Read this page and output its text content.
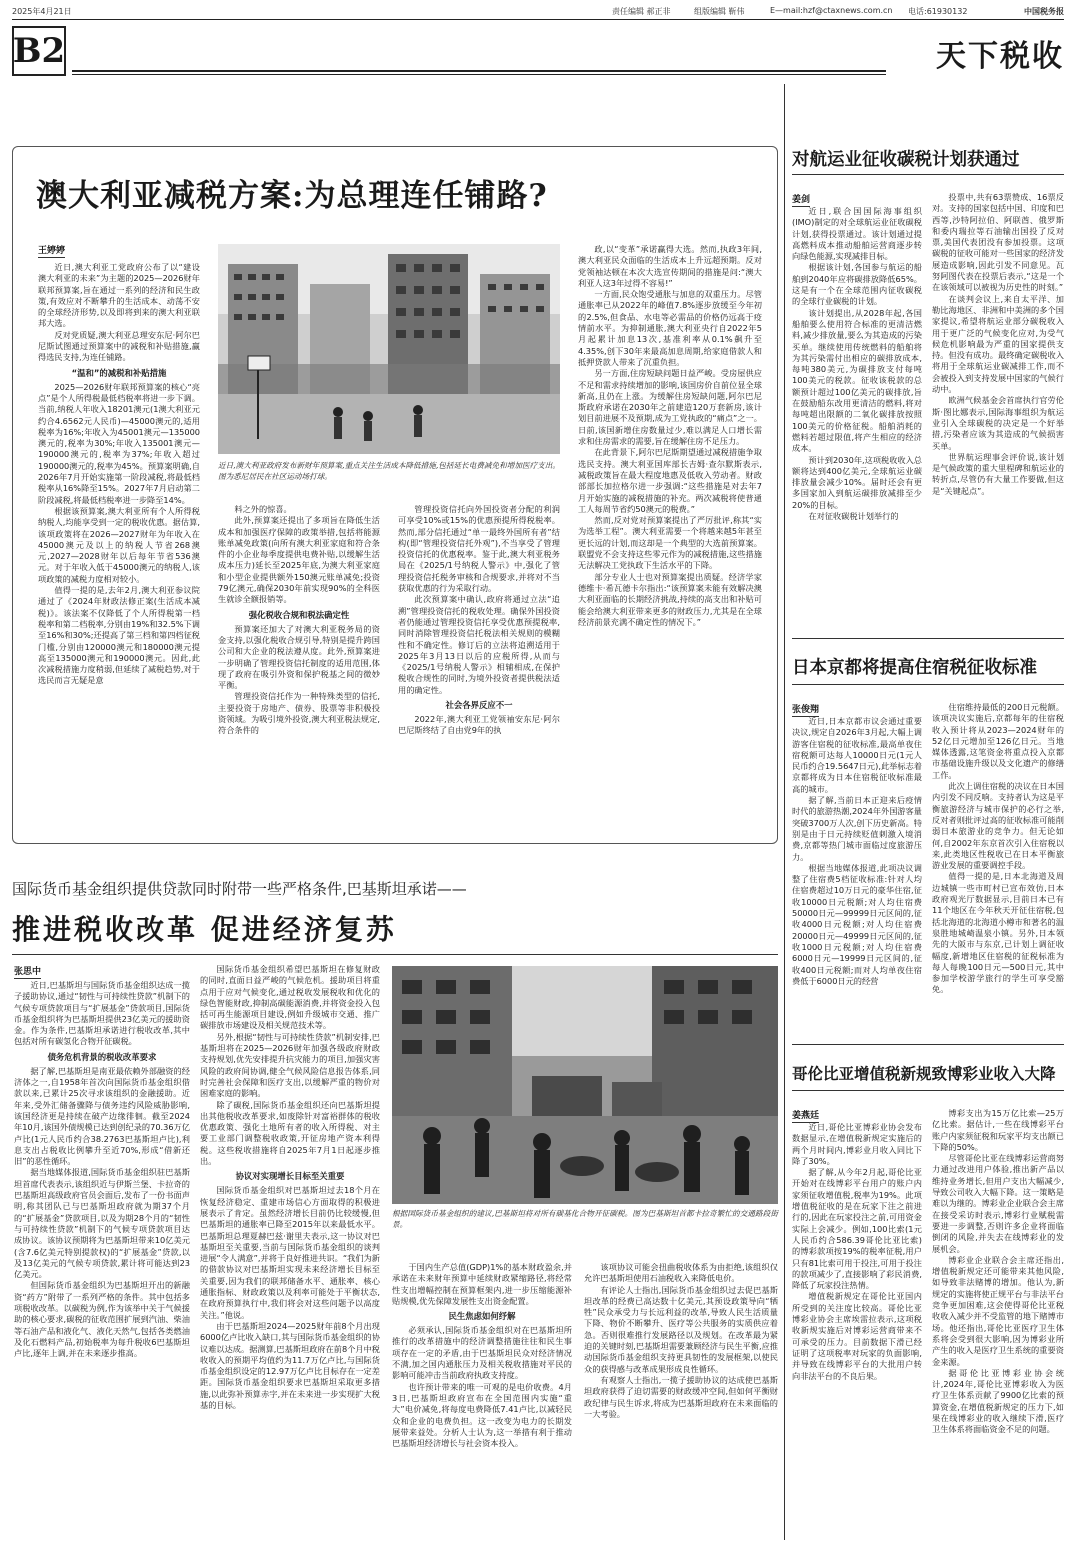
2025年4月21日	责任编辑 郝正非	组版编辑 靳伟	E—mail:hzf@ctaxnews.com.cn 电话:61930132	中国税务报
B2	天下税收
澳大利亚减税方案:为总理连任铺路?
王婷婷

近日,澳大利亚工党政府公布了以“建设澳大利亚的未来”为主题的2025—2026财年联邦预算案,旨在通过一系列的经济和民生政策,有效应对不断攀升的生活成本、动荡不安的全球经济形势,以及即将到来的澳大利亚联邦大选。

反对党质疑,澳大利亚总理安东尼·阿尔巴尼斯试图通过预算案中的减税和补贴措施,赢得选民支持,为连任铺路。

“温和”的减税和补贴措施

2025—2026财年联邦预算案的核心“亮点”是个人所得税最低档税率将进一步下调。当前,纳税人年收入18201澳元(1澳大利亚元约合4.6562元人民币)—45000澳元的,适用税率为16%;年收入为45001澳元—135000澳元的,税率为30%;年收入135001澳元—190000澳元的,税率为37%;年收入超过190000澳元的,税率为45%。预算案明确,自2026年7月开始实施第一阶段减税,将最低档税率从16%降至15%。2027年7月启动第二阶段减税,将最低档税率进一步降至14%。

根据该预算案,澳大利亚所有个人所得税纳税人,均能享受到一定的税收优惠。据估算,该项政策将在2026—2027财年为年收入在45000澳元及以上的纳税人节省268澳元,2027—2028财年以后每年节省536澳元。对于年收入低于45000澳元的纳税人,该项政策的减税力度相对较小。

值得一提的是,去年2月,澳大利亚参议院通过了《2024年财政法修正案(生活成本减税)》。该法案不仅降低了个人所得税第一档税率和第二档税率,分别由19%和32.5%下调至16%和30%;还提高了第三档和第四档征税门槛,分别由120000澳元和180000澳元提高至135000澳元和190000澳元。因此,此次减税措施力度稍弱,但延续了减税趋势,对于选民而言无疑是意

近日,澳大利亚政府发布新财年预算案,重点关注生活成本降低措施,包括延长电费减免和增加医疗支出。图为悉尼居民在社区运动场打球。

料之外的惊喜。

此外,预算案还提出了多项旨在降低生活成本和加强医疗保障的政策举措,包括将能源账单减免政策(向所有澳大利亚家庭和符合条件的小企业每季度提供电费补贴,以缓解生活成本压力)延长至2025年底,为澳大利亚家庭和小型企业提供额外150澳元账单减免;投资79亿澳元,确保2030年前实现90%的全科医生就诊全额报销等。

强化税收合规和税法确定性

预算案还加大了对澳大利亚税务局的资金支持,以强化税收合规引导,特别是提升跨国公司和大企业的税法遵从度。此外,预算案进一步明确了管理投资信托制度的适用范围,体现了政府在吸引外资和保护税基之间的微妙平衡。

管理投资信托作为一种特殊类型的信托,主要投资于房地产、债券、股票等非积极投资领域。为吸引境外投资,澳大利亚税法规定,符合条件的

管理投资信托向外国投资者分配的利润可享受10%或15%的优惠预提所得税税率。然而,部分信托通过“单一最终外国所有者”结构(即“管理投资信托外观”),不当享受了管理投资信托的优惠税率。鉴于此,澳大利亚税务局在《2025/1号纳税人警示》中,强化了管理投资信托税务审核和合规要求,并将对不当获取优惠的行为采取行动。

此次预算案中确认,政府将通过立法“追溯”管理投资信托的税收处理。确保外国投资者仍能通过管理投资信托享受优惠预提税率,同时消除管理投资信托税法相关规则的模糊性和不确定性。修订后的立法将追溯适用于2025年3月13日以后的应税所得,从而与《2025/1号纳税人警示》相辅相成,在保护税收合规性的同时,为境外投资者提供税法适用的确定性。

社会各界反应不一

2022年,澳大利亚工党领袖安东尼·阿尔巴尼斯终结了自由党9年的执

政,以“变革”承诺赢得大选。然而,执政3年间,澳大利亚民众面临的生活成本上升远超预期。反对党领袖达顿在本次大选宣传期间的措施是问:“澳大利亚人这3年过得不容易!”

一方面,民众饱受通胀与加息的双重压力。尽管通胀率已从2022年的峰值7.8%逐步放缓至今年初的2.5%,但食品、水电等必需品的价格仍远高于疫情前水平。为抑制通胀,澳大利亚央行自2022年5月起累计加息13次,基准利率从0.1%飙升至4.35%,创下30年来最高加息周期,给家庭借款人和抵押贷款人带来了沉重负担。

另一方面,住房短缺问题日益严峻。受房屋供应不足和需求持续增加的影响,该国房价自前位显全球新高,且仍在上涨。为缓解住房短缺问题,阿尔巴尼斯政府承诺在2030年之前建造120万套新房,该计划目前进展不及预期,成为工党执政的“痛点”之一。日前,该国新增住房数量过少,难以满足人口增长需求和住房需求的需要,旨在缓解住房不足压力。

在此背景下,阿尔巴尼斯期望通过减税措施争取选民支持。澳大利亚国库部长吉姆·查尔默斯表示,减税政策旨在最大程度地惠及低收入劳动者。财政部部长加拉格尔进一步强调:“这些措施是对去年7月开始实施的减税措施的补充。两次减税将使普通工人每周节省约50澳元的税费。”

然而,反对党对预算案提出了严厉批评,称其“实为选举工程”。澳大利亚需要一个将越来越5年甚至更长远的计划,而这却是一个典型的大选前预算案。联盟党不会支持这些零元作为的减税措施,这些措施无法解决工党执政下生活水平的下降。

部分专业人士也对预算案提出质疑。经济学家德维卡·希瓦德卡尔指出:“该预算案未能有效解决澳大利亚面临的长期经济挑战,持续的高支出和补贴可能会给澳大利亚带来更多的财政压力,尤其是在全球经济前景充满不确定性的情况下。”

对航运业征收碳税计划获通过
姜剑

近日,联合国国际海事组织(IMO)制定的对全球航运业征收碳税计划,获得投票通过。该计划通过提高燃料成本推动船舶运营商逐步转向绿色能源,实现减排目标。

根据该计划,各国参与航运的船舶到2040年应将碳排放降低65%。这是有一个在全球范围内征收碳税的全球行业碳税的计划。

该计划提出,从2028年起,各国船舶要么使用符合标准的更清洁燃料,减少排放量,要么为其造成的污染买单。继续使用传统燃料的船舶将为其污染需付出相应的碳排放成本,每吨380美元,为碳排放支付每吨100美元的税款。征收该税款的总额预计超过100亿美元的碳排放,旨在鼓励船东改用更清洁的燃料,将对每吨超出限额的二氧化碳排放按照100美元的价格征税。船舶消耗的燃料若超过限值,将产生相应的经济成本。

预计到2030年,这项税收收入总额将达到400亿美元,全球航运业碳排放量会减少10%。届时还会有更多国家加入到航运碳排放减排至少20%的目标。

在对征收碳税计划举行的

投票中,共有63票赞成、16票反对。支持的国家包括中国、印度和巴西等,沙特阿拉伯、阿联酋、俄罗斯和委内瑞拉等石油输出国投了反对票,美国代表团没有参加投票。这项碳税的征收可能对一些国家的经济发展造成影响,因此引发不同意见。瓦努阿图代表在投票后表示,“这是一个在该领域可以被视为历史性的时刻。”

在谈判会议上,来自太平洋、加勒比海地区、非洲和中美洲的多个国家提议,希望将航运业部分碳税收入用于更广泛的气候变化应对,为受气候危机影响最为严重的国家提供支持。但没有成功。最终确定碳税收入将用于全球航运业碳减排工作,而不会被投入到支持发展中国家的气候行动中。

欧洲气候基金会首席执行官劳伦斯·图比娜表示,国际海事组织为航运业引入全球碳税的决定是一个好举措,污染者应该为其造成的气候损害买单。

世界航运理事会评价说,该计划是气候政策的重大里程碑和航运业的转折点,尽管仍有大量工作要做,但这是“关键起点”。

日本京都将提高住宿税征收标准
张俊翔

近日,日本京都市议会通过重要决议,规定自2026年3月起,大幅上调游客住宿税的征收标准,最高单夜住宿税额可达每人10000日元(1元人民币约合19.5647日元),此举标志着京都将成为日本住宿税征收标准最高的城市。

据了解,当前日本正迎来后疫情时代的旅游热潮,2024年外国游客量突破3700万人次,创下历史新高。特别是由于日元持续贬值刺激入境消费,京都等热门城市面临过度旅游压力。

根据当地媒体报道,此项决议调整了住宿费5档征收标准:针对人均住宿费超过10万日元的豪华住宿,征收10000日元税额;对人均住宿费50000日元—99999日元区间的,征收4000日元税额;对人均住宿费20000日元—49999日元区间的,征收1000日元税额;对人均住宿费6000日元—19999日元区间的,征收400日元税额;而对人均单夜住宿费低于6000日元的经营

住宿维持最低的200日元税额。该项决议实施后,京都每年的住宿税收入预计将从2023—2024财年的52亿日元增加至126亿日元。当地媒体透露,这笔资金将重点投入京都市基础设施升级以及文化遗产的修缮工作。

此次上调住宿税的决议在日本国内引发不同反响。支持者认为这是平衡旅游经济与城市保护的必行之举,反对者则批评过高的征收标准可能削弱日本旅游业的竞争力。但无论如何,自2002年东京首次引入住宿税以来,此类地区性税收已在日本平衡旅游业发展的重要调控手段。

值得一提的是,日本北海道及周边城镇一些市町村已宣布效仿,日本政府观光厅数据显示,目前日本已有11个地区在今年秋天开征住宿税,包括北海道的北海道小樽市和著名的温泉胜地城崎温泉小镇。另外,日本领先的大阪市与东京,已计划上调征收幅度,新增地区住宿税的征税标准为每人每晚100日元—500日元,其中参加学校游学旅行的学生可享受豁免。

哥伦比亚增值税新规致博彩业收入大降
姜燕廷

近日,哥伦比亚博彩业协会发布数据显示,在增值税新规定实施后的两个月时间内,博彩业月收入同比下降了30%。

据了解,从今年2月起,哥伦比亚开始对在线博彩平台用户的账户内家须征收增值税,税率为19%。此项增值税征收的是在玩家下注之前进行的,因此在玩家投注之前,可用资金实际上会减少。例如,100比索(1元人民币约合586.39哥伦比亚比索)的博彩款项按19%的税率征税,用户只有81比索可用于投注,可用于投注的款项减少了,直接影响了彩民消费,降低了玩家投注热情。

增值税新规定在哥伦比亚国内所受到的关注度比较高。哥伦比亚博彩业协会主席埃雷拉表示,这项税收新规实施后对博彩运营商带来不可承受的压力。目前数据下滑已经证明了这项税率对玩家的负面影响,并导致在线博彩平台的大批用户转向非法平台的不良后果。

博彩支出为15万亿比索—25万亿比索。据估计,一些在线博彩平台账户内家须征税和玩家平均支出额已下降的50%。

尽管哥伦比亚在线博彩运营商努力通过改进用户体验,推出新产品以维持业务增长,但用户支出大幅减少,导致公司收入大幅下降。这一策略是难以为继的。博彩业企业联合会主席在接受采访时表示,博彩行业赋税需要进一步调整,否则许多企业将面临倒闭的风险,并失去在线博彩业的发展机会。

博彩业企业联合会主席还指出,增值税新规定还可能带来其他风险,如导致非法赌博的增加。他认为,新规定的实施将使正规平台与非法平台竞争更加困难,这会使得哥伦比亚税收收入减少并不受监管的地下赌博市场。他还指出,哥伦比亚医疗卫生体系将会受到很大影响,因为博彩业所产生的收入是医疗卫生系统的重要资金来源。

据哥伦比亚博彩业协会统计,2024年,哥伦比亚博彩收入为医疗卫生体系贡献了9900亿比索的预算资金,在增值税新规定的压力下,如果在线博彩业的收入继续下滑,医疗卫生体系将面临资金不足的问题。

国际货币基金组织提供贷款同时附带一些严格条件,巴基斯坦承诺——
推进税收改革 促进经济复苏
张思中

近日,巴基斯坦与国际货币基金组织达成一揽子援助协议,通过“韧性与可持续性贷款”机制下的气候专项贷款项目与“扩展基金”贷款项目,国际货币基金组织将为巴基斯坦提供23亿美元的援助资金。作为条件,巴基斯坦承诺进行税收改革,其中包括对所有碳氢化合物开征碳税。

债务危机背景的税收改革要求

据了解,巴基斯坦是南亚最依赖外部融资的经济体之一,自1958年首次向国际货币基金组织借款以来,已累计25次寻求该组织的金融援助。近年来,受外汇储备骤降与债务违约风险威胁影响,该国经济更是持续在破产边缘徘徊。截至2024年10月,该国外债规模已达到创纪录的70.36万亿卢比(1元人民币约合38.2763巴基斯坦卢比),利息支出占税收比例攀升至近70%,形成“借新还旧”的恶性循环。

据当地媒体报道,国际货币基金组织驻巴基斯坦首席代表表示,该组织近与伊斯兰堡、卡拉奇的巴基斯坦高级政府官员会面后,发布了一份书面声明,称其团队已与巴基斯坦政府就为期37个月的“扩展基金”贷款项目,以及为期28个月的“韧性与可持续性贷款”机制下的气候专项贷款项目达成协议。该协议预期将为巴基斯坦带来10亿美元(含7.6亿美元特别提款权)的“扩展基金”贷款,以及13亿美元的气候专项贷款,累计将可能达到23亿美元。

但国际货币基金组织为巴基斯坦开出的新融资“药方”附带了一系列严格的条件。其中包括多项税收改革。以碳税为例,作为该举中关于气候援助的核心要求,碳税的征收范围扩展到汽油、柴油等石油产品和液化气、液化天然气,包括各类燃油及化石燃料产品,初始税率为每升税收6巴基斯坦卢比,逐年上调,并在未来逐步推高。

国际货币基金组织希望巴基斯坦在修复财政的同时,直面日益严峻的气候危机。援助项目将重点用于应对气候变化,通过税收发展税收和优化的绿色智能财政,抑制高碳能源消费,并将资金投入包括可再生能源项目建设,例如升级城市交通、推广碳排放市场建设及相关规范技术等。

另外,根据“韧性与可持续性贷款”机制安排,巴基斯坦将在2025—2026财年加强各级政府财政支持规划,优先安排提升抗灾能力的项目,加强灾害风险的政府间协调,健全气候风险信息报告体系,同时完善社会保障和医疗支出,以缓解严重的物价对困难家庭的影响。

除了碳税,国际货币基金组织还向巴基斯坦提出其他税收改革要求,如废除针对富裕群体的税收优惠政策、强化土地所有者的收入所得税、对主要工业部门调整税收政策,开征房地产资本利得税。这些税收措施将自2025年7月1日起逐步推出。

协议对实现增长目标至关重要

国际货币基金组织对巴基斯坦过去18个月在恢复经济稳定、重建市场信心方面取得的积极进展表示了肯定。虽然经济增长目前仍比较缓慢,但巴基斯坦的通胀率已降至2015年以来最低水平。巴基斯坦总理夏赫巴兹·谢里夫表示,这一协议对巴基斯坦至关重要,当前与国际货币基金组织的谈判进展“令人满意”,并将于良好推进共识。“我们为新的借款协议对巴基斯坦实现未来经济增长目标至关重要,因为我们的联邦储备水平、通胀率、核心通胀指标、财政政策以及利率可能处于平衡状态,在政府预算执行中,我们将会对这些问题予以高度关注。”他说。

由于巴基斯坦2024—2025财年前8个月出现6000亿卢比收入缺口,其与国际货币基金组织的协议难以达成。据测算,巴基斯坦政府在前8个月中税收收入的预期平均值约为11.7万亿卢比,与国际货币基金组织设定的12.97万亿卢比目标存在一定差距。国际货币基金组织要求巴基斯坦采取更多措施,以此弥补预算赤字,并在未来进一步实现扩大税基的目标。

根据国际货币基金组织的建议,巴基斯坦将对所有碳基化合物开征碳税。图为巴基斯坦首都卡拉奇繁忙的交通路段街景。

于国内生产总值(GDP)1%的基本财政盈余,并承诺在未来财年预算中延续财政紧缩路径,将经常性支出增幅控制在预算框架内,进一步压缩能源补贴规模,优先保障发展性支出资金配置。

民生焦虑如何纾解

必须承认,国际货币基金组织对在巴基斯坦所推行的改革措施中的经济调整措施往往和民生事项存在一定的矛盾,由于巴基斯坦民众对经济情况不满,加之国内通胀压力及相关税收措施对平民的影响可能冲击当前政府执政支持度。

也许预计带来的唯一可观的是电价收费。4月3日,巴基斯坦政府宣布在全国范围内实施“重大”电价减免,将每度电费降低7.41卢比,以减轻民众和企业的电费负担。这一改变为电力的长期发展带来益处。分析人士认为,这一举措有利于推动巴基斯坦经济增长与社会资本投入。

该项协议可能会扭曲税收体系为由拒绝,该组织仅允许巴基斯坦使用石油税收入来降低电价。

有评论人士指出,国际货币基金组织过去促巴基斯坦改革的经费已高达数十亿美元,其预设政策导向“牺牲”民众承受力与长远利益的改革,导致人民生活质量下降、物价不断攀升、医疗等公共服务的实质供应着急。否则很难推行发展路径以及规划。在改革最为紧迫的关键时刻,巴基斯坦需要兼顾经济与民生平衡,应推动国际货币基金组织支持更具韧性的发展框架,以使民众的获得感与改革成果形成良性循环。

有观察人士指出,一揽子援助协议的达成使巴基斯坦政府获得了迫切需要的财政缓冲空间,但如何平衡财政纪律与民生诉求,将成为巴基斯坦政府在未来面临的一大考验。
